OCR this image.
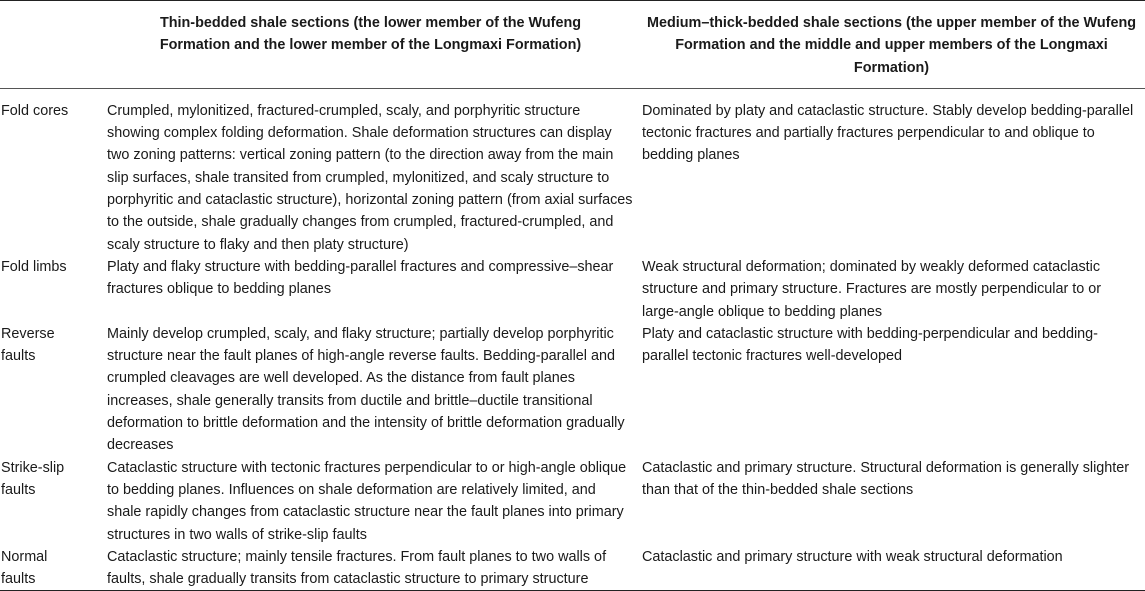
	Thin-bedded shale sections (the lower member of the Wufeng Formation and the lower member of the Longmaxi Formation)	Medium–thick-bedded shale sections (the upper member of the Wufeng Formation and the middle and upper members of the Longmaxi Formation)
Fold cores	Crumpled, mylonitized, fractured-crumpled, scaly, and porphyritic structure showing complex folding deformation. Shale deformation structures can display two zoning patterns: vertical zoning pattern (to the direction away from the main slip surfaces, shale transited from crumpled, mylonitized, and scaly structure to porphyritic and cataclastic structure), horizontal zoning pattern (from axial surfaces to the outside, shale gradually changes from crumpled, fractured-crumpled, and scaly structure to flaky and then platy structure)	Dominated by platy and cataclastic structure. Stably develop bedding-parallel tectonic fractures and partially fractures perpendicular to and oblique to bedding planes
Fold limbs	Platy and flaky structure with bedding-parallel fractures and compressive–shear fractures oblique to bedding planes	Weak structural deformation; dominated by weakly deformed cataclastic structure and primary structure. Fractures are mostly perpendicular to or large-angle oblique to bedding planes
Reverse faults	Mainly develop crumpled, scaly, and flaky structure; partially develop porphyritic structure near the fault planes of high-angle reverse faults. Bedding-parallel and crumpled cleavages are well developed. As the distance from fault planes increases, shale generally transits from ductile and brittle–ductile transitional deformation to brittle deformation and the intensity of brittle deformation gradually decreases	Platy and cataclastic structure with bedding-perpendicular and bedding-parallel tectonic fractures well-developed
Strike-slip faults	Cataclastic structure with tectonic fractures perpendicular to or high-angle oblique to bedding planes. Influences on shale deformation are relatively limited, and shale rapidly changes from cataclastic structure near the fault planes into primary structures in two walls of strike-slip faults	Cataclastic and primary structure. Structural deformation is generally slighter than that of the thin-bedded shale sections
Normal faults	Cataclastic structure; mainly tensile fractures. From fault planes to two walls of faults, shale gradually transits from cataclastic structure to primary structure	Cataclastic and primary structure with weak structural deformation
